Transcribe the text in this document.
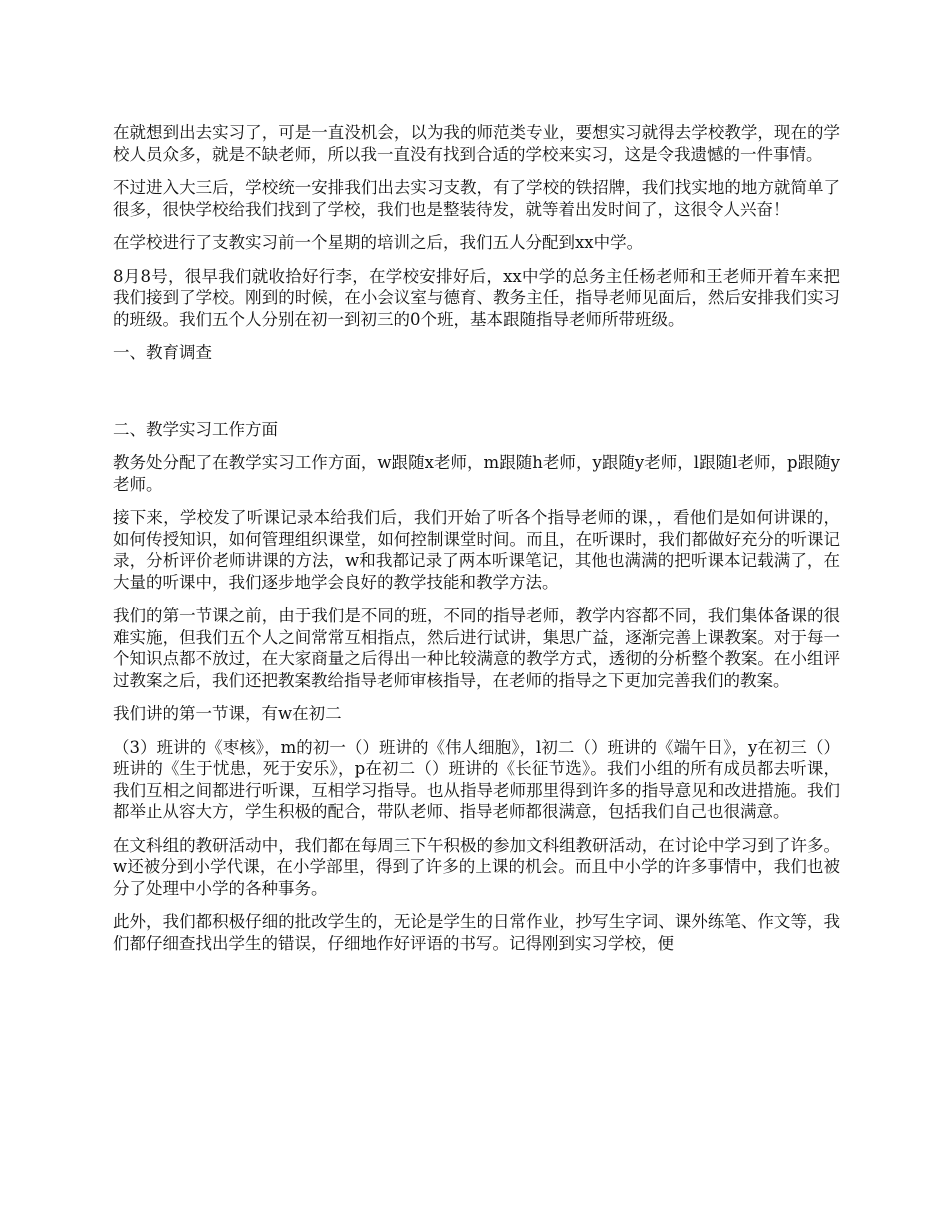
在就想到出去实习了，可是一直没机会，以为我的师范类专业，要想实习就得去学校教学，现在的学校人员众多，就是不缺老师，所以我一直没有找到合适的学校来实习，这是令我遗憾的一件事情。

不过进入大三后，学校统一安排我们出去实习支教，有了学校的铁招牌，我们找实地的地方就简单了很多，很快学校给我们找到了学校，我们也是整装待发，就等着出发时间了，这很令人兴奋！

在学校进行了支教实习前一个星期的培训之后，我们五人分配到xx中学。

8月8号，很早我们就收拾好行李，在学校安排好后，xx中学的总务主任杨老师和王老师开着车来把我们接到了学校。刚到的时候，在小会议室与德育、教务主任，指导老师见面后，然后安排我们实习的班级。我们五个人分别在初一到初三的0个班，基本跟随指导老师所带班级。

一、教育调查

二、教学实习工作方面

教务处分配了在教学实习工作方面，w跟随x老师，m跟随h老师，y跟随y老师，l跟随l老师，p跟随y老师。

接下来，学校发了听课记录本给我们后，我们开始了听各个指导老师的课，，看他们是如何讲课的，如何传授知识，如何管理组织课堂，如何控制课堂时间。而且，在听课时，我们都做好充分的听课记录，分析评价老师讲课的方法，w和我都记录了两本听课笔记，其他也满满的把听课本记载满了，在大量的听课中，我们逐步地学会良好的教学技能和教学方法。

我们的第一节课之前，由于我们是不同的班，不同的指导老师，教学内容都不同，我们集体备课的很难实施，但我们五个人之间常常互相指点，然后进行试讲，集思广益，逐渐完善上课教案。对于每一个知识点都不放过，在大家商量之后得出一种比较满意的教学方式，透彻的分析整个教案。在小组评过教案之后，我们还把教案教给指导老师审核指导，在老师的指导之下更加完善我们的教案。

我们讲的第一节课，有w在初二

（3）班讲的《枣核》，m的初一（）班讲的《伟人细胞》，l初二（）班讲的《端午日》，y在初三（）班讲的《生于忧患，死于安乐》，p在初二（）班讲的《长征节选》。我们小组的所有成员都去听课，我们互相之间都进行听课，互相学习指导。也从指导老师那里得到许多的指导意见和改进措施。我们都举止从容大方，学生积极的配合，带队老师、指导老师都很满意，包括我们自己也很满意。

在文科组的教研活动中，我们都在每周三下午积极的参加文科组教研活动，在讨论中学习到了许多。w还被分到小学代课，在小学部里，得到了许多的上课的机会。而且中小学的许多事情中，我们也被分了处理中小学的各种事务。

此外，我们都积极仔细的批改学生的，无论是学生的日常作业，抄写生字词、课外练笔、作文等，我们都仔细查找出学生的错误，仔细地作好评语的书写。记得刚到实习学校，便
